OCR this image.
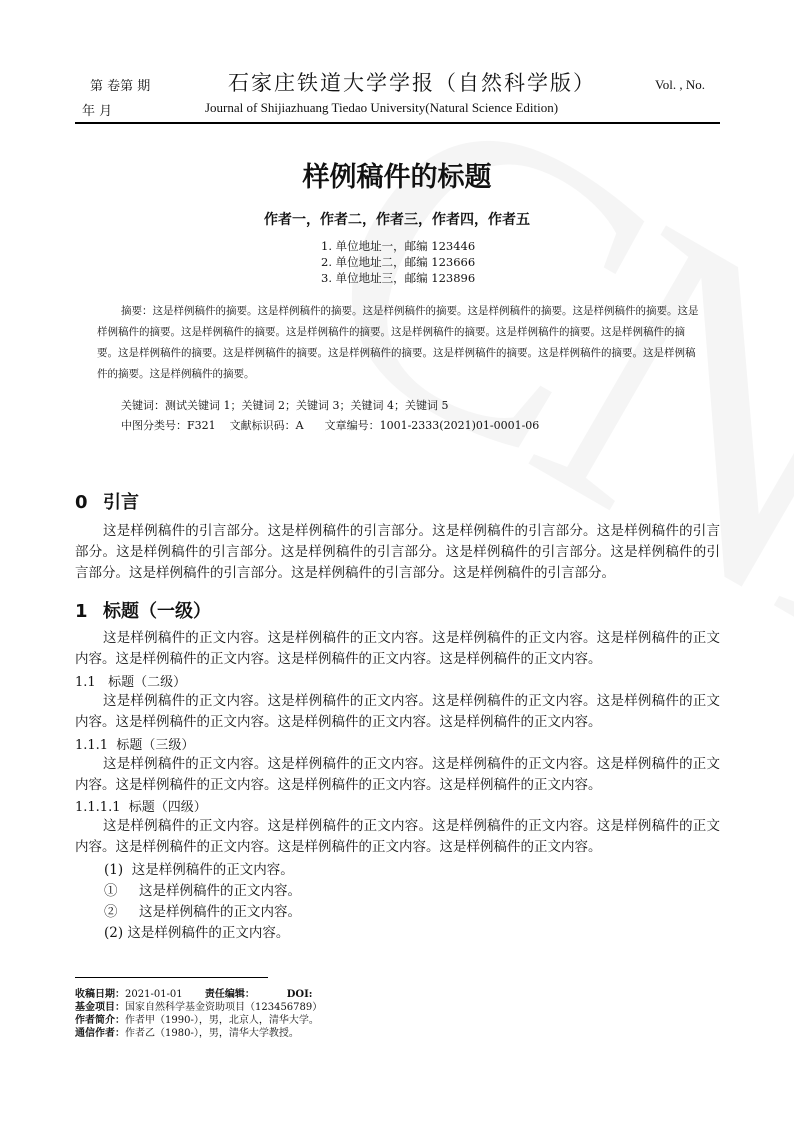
第 卷第 期
年 月
石家庄铁道大学学报（自然科学版）
Journal of Shijiazhuang Tiedao University(Natural Science Edition)
Vol. , No.
样例稿件的标题
作者一，作者二，作者三，作者四，作者五
1. 单位地址一，邮编 123446
2. 单位地址二，邮编 123666
3. 单位地址三，邮编 123896
摘要：这是样例稿件的摘要。这是样例稿件的摘要。这是样例稿件的摘要。这是样例稿件的摘要。这是样例稿件的摘要。这是样例稿件的摘要。这是样例稿件的摘要。这是样例稿件的摘要。这是样例稿件的摘要。这是样例稿件的摘要。这是样例稿件的摘要。这是样例稿件的摘要。这是样例稿件的摘要。这是样例稿件的摘要。这是样例稿件的摘要。这是样例稿件的摘要。这是样例稿件的摘要。这是样例稿件的摘要。
关键词：测试关键词 1；关键词 2；关键词 3；关键词 4；关键词 5
中图分类号：F321 文献标识码：A 文章编号：1001-2333(2021)01-0001-06
0 引言
这是样例稿件的引言部分。这是样例稿件的引言部分。这是样例稿件的引言部分。这是样例稿件的引言部分。这是样例稿件的引言部分。这是样例稿件的引言部分。这是样例稿件的引言部分。这是样例稿件的引言部分。这是样例稿件的引言部分。这是样例稿件的引言部分。这是样例稿件的引言部分。
1 标题（一级）
这是样例稿件的正文内容。这是样例稿件的正文内容。这是样例稿件的正文内容。这是样例稿件的正文内容。这是样例稿件的正文内容。这是样例稿件的正文内容。这是样例稿件的正文内容。
1.1   标题（二级）
这是样例稿件的正文内容。这是样例稿件的正文内容。这是样例稿件的正文内容。这是样例稿件的正文内容。这是样例稿件的正文内容。这是样例稿件的正文内容。这是样例稿件的正文内容。
1.1.1  标题（三级）
这是样例稿件的正文内容。这是样例稿件的正文内容。这是样例稿件的正文内容。这是样例稿件的正文内容。这是样例稿件的正文内容。这是样例稿件的正文内容。这是样例稿件的正文内容。
1.1.1.1  标题（四级）
这是样例稿件的正文内容。这是样例稿件的正文内容。这是样例稿件的正文内容。这是样例稿件的正文内容。这是样例稿件的正文内容。这是样例稿件的正文内容。这是样例稿件的正文内容。
(1) 这是样例稿件的正文内容。
① 这是样例稿件的正文内容。
② 这是样例稿件的正文内容。
(2) 这是样例稿件的正文内容。
收稿日期：2021-01-01 责任编辑：	DOI:
基金项目：国家自然科学基金资助项目（123456789）
作者简介：作者甲（1990-），男，北京人，清华大学。
通信作者：作者乙（1980-），男，清华大学教授。
